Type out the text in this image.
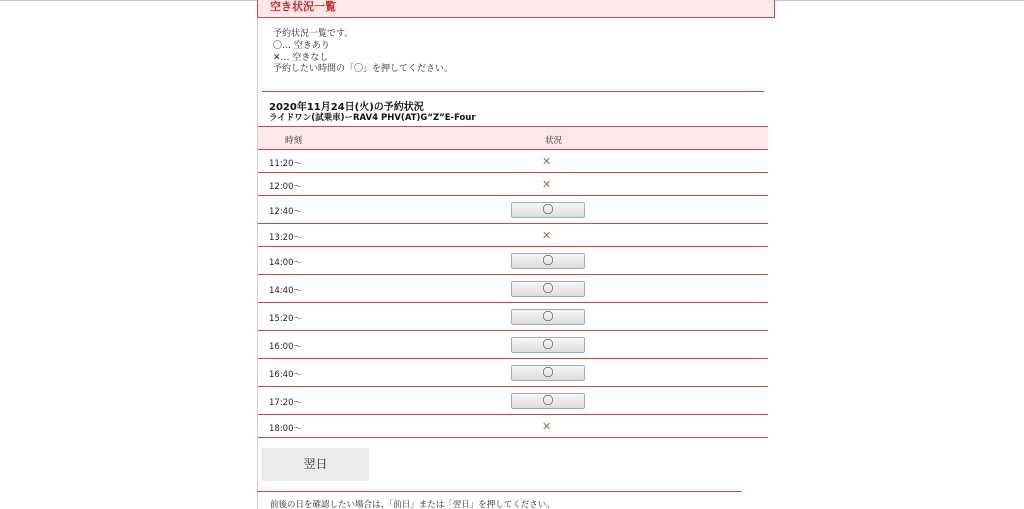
空き状況一覧
予約状況一覧です。
〇… 空きあり
✕… 空きなし
予約したい時間の「〇」を押してください。
2020年11月24日(火)の予約状況
ライドワン(試乗車)ーRAV4 PHV(AT)G“Z”E-Four
時刻	状況
11:20〜	✕
12:00〜	✕
12:40〜	〇
13:20〜	✕
14:00〜	〇
14:40〜	〇
15:20〜	〇
16:00〜	〇
16:40〜	〇
17:20〜	〇
18:00〜	✕
翌日
前後の日を確認したい場合は、「前日」または「翌日」を押してください。
